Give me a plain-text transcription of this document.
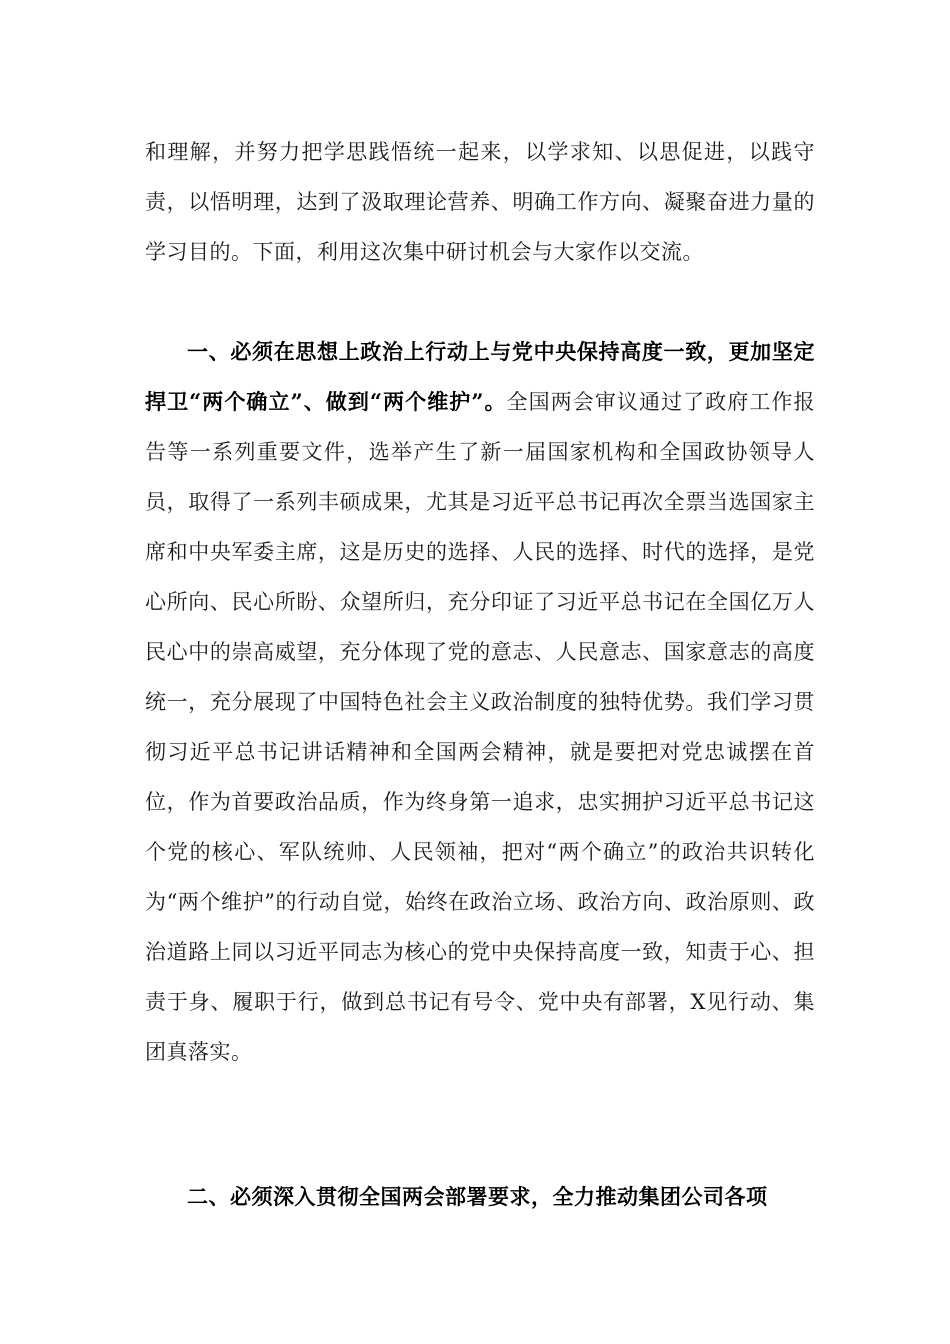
和理解，并努力把学思践悟统一起来，以学求知、以思促进，以践守责，以悟明理，达到了汲取理论营养、明确工作方向、凝聚奋进力量的学习目的。下面，利用这次集中研讨机会与大家作以交流。

一、必须在思想上政治上行动上与党中央保持高度一致，更加坚定捍卫“两个确立”、做到“两个维护”。全国两会审议通过了政府工作报告等一系列重要文件，选举产生了新一届国家机构和全国政协领导人员，取得了一系列丰硕成果，尤其是习近平总书记再次全票当选国家主席和中央军委主席，这是历史的选择、人民的选择、时代的选择，是党心所向、民心所盼、众望所归，充分印证了习近平总书记在全国亿万人民心中的崇高威望，充分体现了党的意志、人民意志、国家意志的高度统一，充分展现了中国特色社会主义政治制度的独特优势。我们学习贯彻习近平总书记讲话精神和全国两会精神，就是要把对党忠诚摆在首位，作为首要政治品质，作为终身第一追求，忠实拥护习近平总书记这个党的核心、军队统帅、人民领袖，把对“两个确立”的政治共识转化为“两个维护”的行动自觉，始终在政治立场、政治方向、政治原则、政治道路上同以习近平同志为核心的党中央保持高度一致，知责于心、担责于身、履职于行，做到总书记有号令、党中央有部署，X见行动、集团真落实。

二、必须深入贯彻全国两会部署要求，全力推动集团公司各项
